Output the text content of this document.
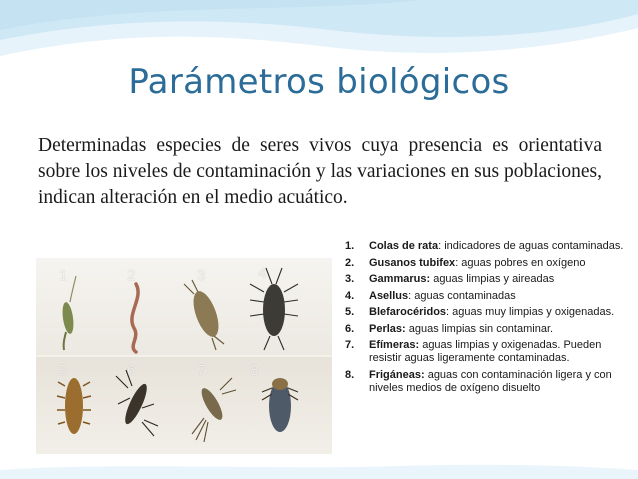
Parámetros biológicos
Determinadas especies de seres vivos cuya presencia es orientativa sobre los niveles de contaminación y las variaciones en sus poblaciones, indican alteración en el medio acuático.
1	2	3	4
5	6	7	8
1. Colas de rata: indicadores de aguas contaminadas.
2. Gusanos tubifex: aguas pobres en oxígeno
3. Gammarus: aguas limpias y aireadas
4. Asellus: aguas contaminadas
5. Blefarocéridos: aguas muy limpias y oxigenadas.
6. Perlas: aguas limpias sin contaminar.
7. Efímeras: aguas limpias y oxigenadas. Pueden resistir aguas ligeramente contaminadas.
8. Frigáneas: aguas con contaminación ligera y con niveles medios de oxígeno disuelto
